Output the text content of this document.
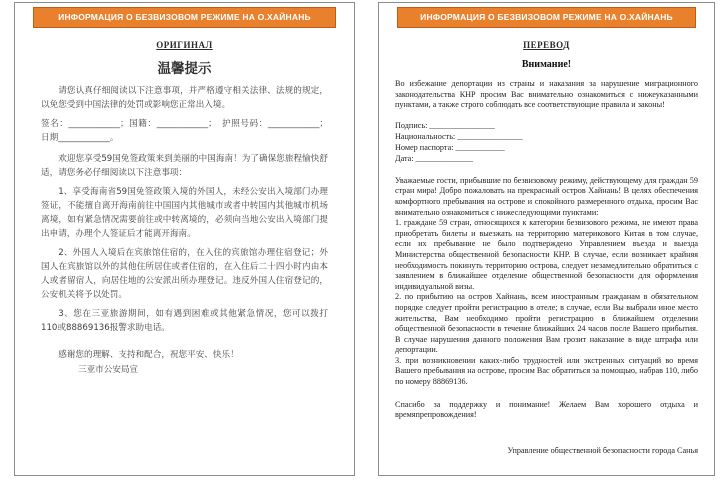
ИНФОРМАЦИЯ О БЕЗВИЗОВОМ РЕЖИМЕ НА О.ХАЙНАНЬ
ОРИГИНАЛ
温馨提示
请您认真仔细阅读以下注意事项，并严格遵守相关法律、法规的规定，以免您受到中国法律的处罚或影响您正常出入境。
签名：____________；国籍：____________；　护照号码：____________；日期____________。
欢迎您享受59国免签政策来到美丽的中国海南！为了确保您旅程愉快舒适，请您务必仔细阅读以下注意事项：
1、享受海南省59国免签政策入境的外国人，未经公安出入境部门办理签证，不能擅自离开海南前往中国国内其他城市或者中转国内其他城市机场离境，如有紧急情况需要前往或中转离境的，必须向当地公安出入境部门提出申请，办理个人签证后才能离开海南。
2、外国人入境后在宾旅馆住宿的，在入住的宾旅馆办理住宿登记；外国人在宾旅馆以外的其他住所居住或者住宿的，在入住后二十四小时内由本人或者留宿人，向居住地的公安派出所办理登记。违反外国人住宿登记的，公安机关将予以处罚。
3、您在三亚旅游期间，如有遇到困难或其他紧急情况，您可以拨打110或88869136报警求助电话。
感谢您的理解、支持和配合，祝您平安、快乐！
三亚市公安局宣
ИНФОРМАЦИЯ О БЕЗВИЗОВОМ РЕЖИМЕ НА О.ХАЙНАНЬ
ПЕРЕВОД
Внимание!
Во избежание депортации из страны и наказания за нарушение миграционного законодательства КНР просим Вас внимательно ознакомиться с нижеуказанными пунктами, а также строго соблюдать все соответствующие правила и законы!
Подпись: ________________
Национальность: ________________
Номер паспорта: ____________
Дата: ______________
Уважаемые гости, прибывшие по безвизовому режиму, действующему для граждан 59 стран мира! Добро пожаловать на прекрасный остров Хайнань! В целях обеспечения комфортного пребывания на острове и спокойного размеренного отдыха, просим Вас внимательно ознакомиться с нижеследующими пунктами:
1. граждане 59 стран, относящихся к категории безвизового режима, не имеют права приобретать билеты и выезжать на территорию материкового Китая в том случае, если их пребывание не было подтверждено Управлением въезда и выезда Министерства общественной безопасности КНР. В случае, если возникает крайняя необходимость покинуть территорию острова, следует незамедлительно обратиться с заявлением в ближайшее отделение общественной безопасности для оформления индивидуальной визы.
2. по прибытию на остров Хайнань, всем иностранным гражданам в обязательном порядке следует пройти регистрацию в отеле; в случае, если Вы выбрали иное место жительства, Вам необходимо пройти регистрацию в ближайшем отделении общественной безопасности в течение ближайших 24 часов после Вашего прибытия. В случае нарушения данного положения Вам грозит наказание в виде штрафа или депортации.
3. при возникновении каких-либо трудностей или экстренных ситуаций во время Вашего пребывания на острове, просим Вас обратиться за помощью, набрав 110, либо по номеру 88869136.
Спасибо за поддержку и понимание! Желаем Вам хорошего отдыха и времяпрепровождения!
Управление общественной безопасности города Санья
